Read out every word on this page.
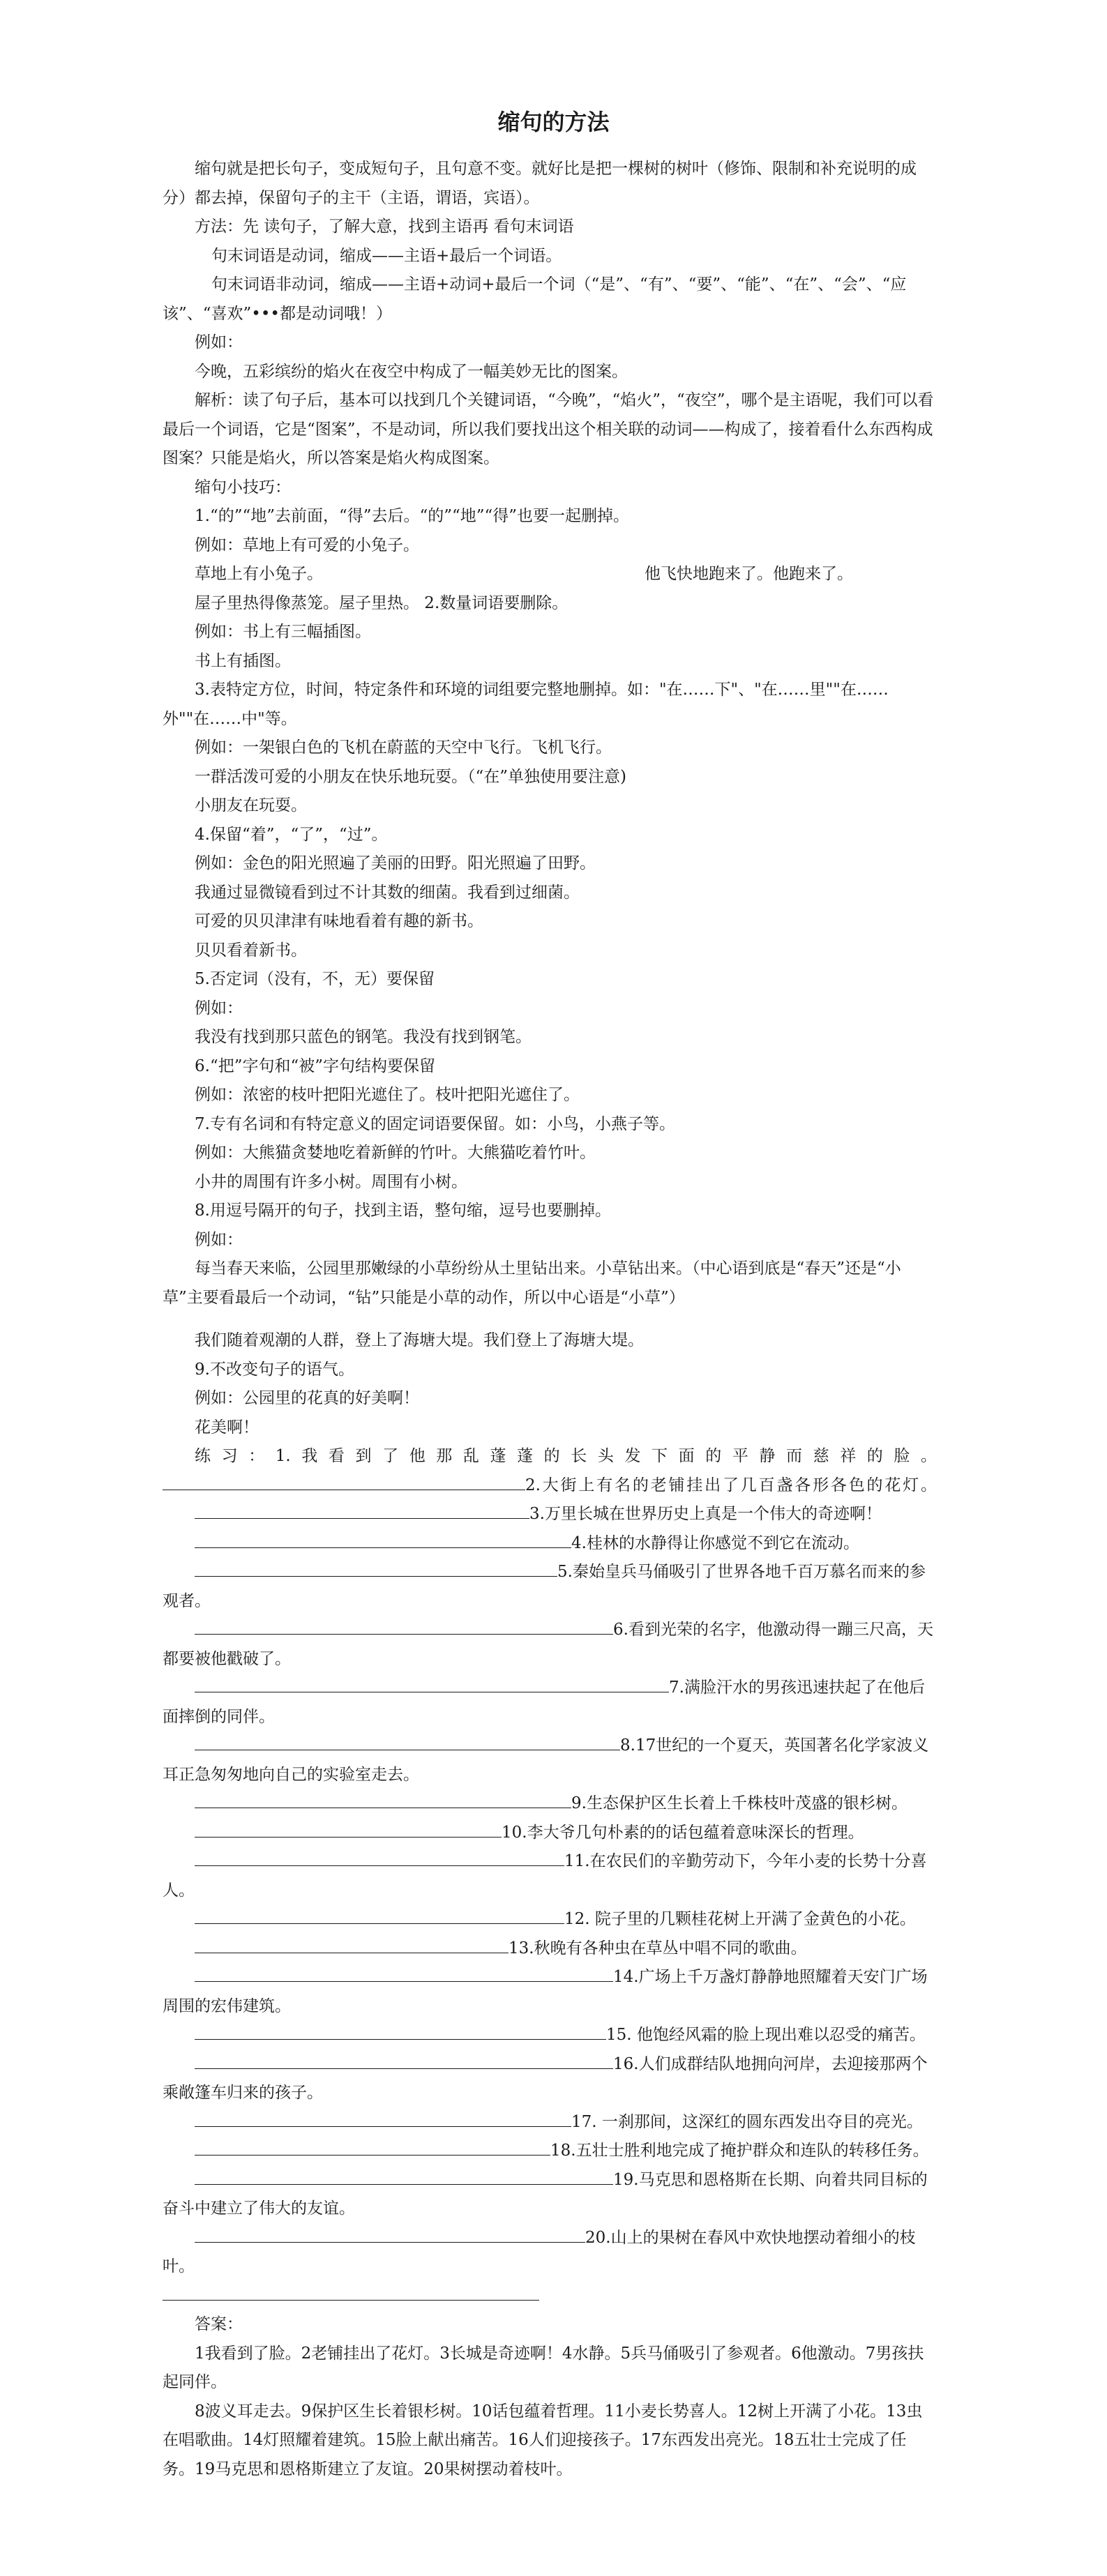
缩句的方法

缩句就是把长句子，变成短句子，且句意不变。就好比是把一棵树的树叶（修饰、限制和补充说明的成分）都去掉，保留句子的主干（主语，谓语，宾语）。

方法：先 读句子，了解大意，找到主语再 看句末词语

句末词语是动词，缩成——主语+最后一个词语。

句末词语非动词，缩成——主语+动词+最后一个词（“是”、“有”、“要”、“能”、“在”、“会”、“应该”、“喜欢”•••都是动词哦！）

例如：

今晚，五彩缤纷的焰火在夜空中构成了一幅美妙无比的图案。

解析：读了句子后，基本可以找到几个关键词语，“今晚”，“焰火”，“夜空”，哪个是主语呢，我们可以看最后一个词语，它是“图案”，不是动词，所以我们要找出这个相关联的动词——构成了，接着看什么东西构成图案？只能是焰火，所以答案是焰火构成图案。

缩句小技巧：

1.“的”“地”去前面，“得”去后。“的”“地”“得”也要一起删掉。

例如：草地上有可爱的小兔子。

草地上有小兔子。	他飞快地跑来了。他跑来了。

屋子里热得像蒸笼。屋子里热。 2.数量词语要删除。

例如：书上有三幅插图。

书上有插图。

3.表特定方位，时间，特定条件和环境的词组要完整地删掉。如："在……下"、"在……里""在……外""在……中"等。

例如：一架银白色的飞机在蔚蓝的天空中飞行。飞机飞行。

一群活泼可爱的小朋友在快乐地玩耍。（“在”单独使用要注意)

小朋友在玩耍。

4.保留“着”，“了”，“过”。

例如：金色的阳光照遍了美丽的田野。阳光照遍了田野。

我通过显微镜看到过不计其数的细菌。我看到过细菌。

可爱的贝贝津津有味地看着有趣的新书。

贝贝看着新书。

5.否定词（没有，不，无）要保留

例如：

我没有找到那只蓝色的钢笔。我没有找到钢笔。

6.“把”字句和“被”字句结构要保留

例如：浓密的枝叶把阳光遮住了。枝叶把阳光遮住了。

7.专有名词和有特定意义的固定词语要保留。如：小鸟，小燕子等。

例如：大熊猫贪婪地吃着新鲜的竹叶。大熊猫吃着竹叶。

小井的周围有许多小树。周围有小树。

8.用逗号隔开的句子，找到主语，整句缩，逗号也要删掉。

例如：

每当春天来临，公园里那嫩绿的小草纷纷从土里钻出来。小草钻出来。（中心语到底是“春天”还是“小草”主要看最后一个动词，“钻”只能是小草的动作，所以中心语是“小草”）

我们随着观潮的人群，登上了海塘大堤。我们登上了海塘大堤。

9.不改变句子的语气。

例如：公园里的花真的好美啊！

花美啊！

练习：1.我看到了他那乱蓬蓬的长头发下面的平静而慈祥的脸。

2.大街上有名的老铺挂出了几百盏各形各色的花灯。

3.万里长城在世界历史上真是一个伟大的奇迹啊！

4.桂林的水静得让你感觉不到它在流动。

5.秦始皇兵马俑吸引了世界各地千百万慕名而来的参观者。

6.看到光荣的名字，他激动得一蹦三尺高，天都要被他戳破了。

7.满脸汗水的男孩迅速扶起了在他后面摔倒的同伴。

8.17世纪的一个夏天，英国著名化学家波义耳正急匆匆地向自己的实验室走去。

9.生态保护区生长着上千株枝叶茂盛的银杉树。

10.李大爷几句朴素的的话包蕴着意味深长的哲理。

11.在农民们的辛勤劳动下，今年小麦的长势十分喜人。

12. 院子里的几颗桂花树上开满了金黄色的小花。

13.秋晚有各种虫在草丛中唱不同的歌曲。

14.广场上千万盏灯静静地照耀着天安门广场周围的宏伟建筑。

15. 他饱经风霜的脸上现出难以忍受的痛苦。

16.人们成群结队地拥向河岸，去迎接那两个乘敞篷车归来的孩子。

17. 一刹那间，这深红的圆东西发出夺目的亮光。

18.五壮士胜利地完成了掩护群众和连队的转移任务。

19.马克思和恩格斯在长期、向着共同目标的奋斗中建立了伟大的友谊。

20.山上的果树在春风中欢快地摆动着细小的枝叶。

答案：

1我看到了脸。2老铺挂出了花灯。3长城是奇迹啊！4水静。5兵马俑吸引了参观者。6他激动。7男孩扶起同伴。

8波义耳走去。9保护区生长着银杉树。10话包蕴着哲理。11小麦长势喜人。12树上开满了小花。13虫在唱歌曲。14灯照耀着建筑。15脸上献出痛苦。16人们迎接孩子。17东西发出亮光。18五壮士完成了任务。19马克思和恩格斯建立了友谊。20果树摆动着枝叶。
